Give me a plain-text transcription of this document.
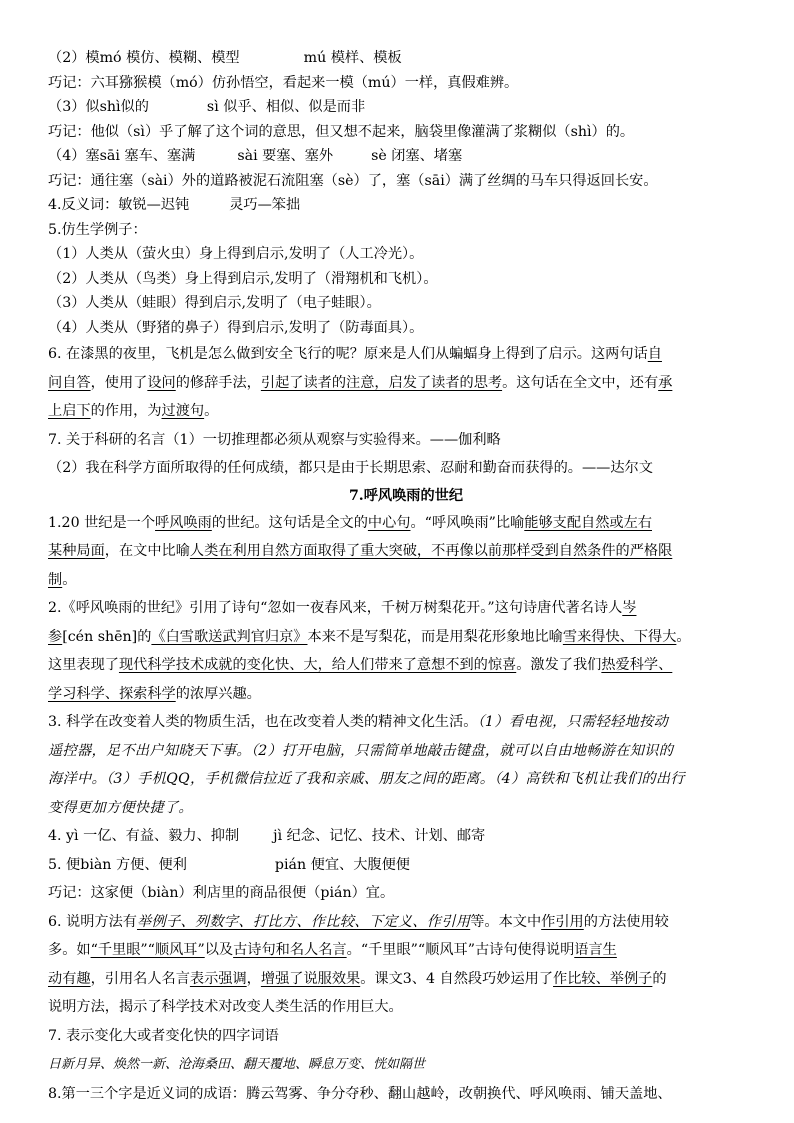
（2）模mó 模仿、模糊、模型	mú 模样、模板
巧记：六耳猕猴模（mó）仿孙悟空，看起来一模（mú）一样，真假难辨。
（3）似shì似的	sì 似乎、相似、似是而非
巧记：他似（sì）乎了解了这个词的意思，但又想不起来，脑袋里像灌满了浆糊似（shì）的。
（4）塞sāi 塞车、塞满	sài 要塞、塞外	sè 闭塞、堵塞
巧记：通往塞（sài）外的道路被泥石流阻塞（sè）了，塞（sāi）满了丝绸的马车只得返回长安。
4.反义词：敏锐—迟钝	灵巧—笨拙
5.仿生学例子：
（1）人类从（萤火虫）身上得到启示,发明了（人工冷光）。
（2）人类从（鸟类）身上得到启示,发明了（滑翔机和飞机）。
（3）人类从（蛙眼）得到启示,发明了（电子蛙眼）。
（4）人类从（野猪的鼻子）得到启示,发明了（防毒面具）。
6. 在漆黑的夜里，飞机是怎么做到安全飞行的呢？原来是人们从蝙蝠身上得到了启示。这两句话自
问自答，使用了设问的修辞手法，引起了读者的注意，启发了读者的思考。这句话在全文中，还有承
上启下的作用，为过渡句。
7. 关于科研的名言（1）一切推理都必须从观察与实验得来。——伽利略
（2）我在科学方面所取得的任何成绩，都只是由于长期思索、忍耐和勤奋而获得的。——达尔文
7.呼风唤雨的世纪
1.20 世纪是一个呼风唤雨的世纪。这句话是全文的中心句。“呼风唤雨”比喻能够支配自然或左右
某种局面，在文中比喻人类在利用自然方面取得了重大突破，不再像以前那样受到自然条件的严格限
制。
2.《呼风唤雨的世纪》引用了诗句“忽如一夜春风来，千树万树梨花开。”这句诗唐代著名诗人岑
参[cén shēn]的《白雪歌送武判官归京》本来不是写梨花，而是用梨花形象地比喻雪来得快、下得大。
这里表现了现代科学技术成就的变化快、大，给人们带来了意想不到的惊喜。激发了我们热爱科学、
学习科学、探索科学的浓厚兴趣。
3. 科学在改变着人类的物质生活，也在改变着人类的精神文化生活。（1）看电视，只需轻轻地按动
遥控器，足不出户知晓天下事。（2）打开电脑，只需简单地敲击键盘，就可以自由地畅游在知识的
海洋中。（3）手机QQ，手机微信拉近了我和亲戚、朋友之间的距离。（4）高铁和飞机让我们的出行
变得更加方便快捷了。
4. yì 一亿、有益、毅力、抑制 jì 纪念、记忆、技术、计划、邮寄
5. 便biàn 方便、便利	pián 便宜、大腹便便
巧记：这家便（biàn）利店里的商品很便（pián）宜。
6. 说明方法有举例子、列数字、打比方、作比较、下定义、作引用等。本文中作引用的方法使用较
多。如“千里眼”“顺风耳”以及古诗句和名人名言。“千里眼”“顺风耳”古诗句使得说明语言生
动有趣，引用名人名言表示强调，增强了说服效果。课文3、4 自然段巧妙运用了作比较、举例子的
说明方法，揭示了科学技术对改变人类生活的作用巨大。
7. 表示变化大或者变化快的四字词语
日新月异、焕然一新、沧海桑田、翻天覆地、瞬息万变、恍如隔世
8.第一三个字是近义词的成语：腾云驾雾、争分夺秒、翻山越岭，改朝换代、呼风唤雨、铺天盖地、
